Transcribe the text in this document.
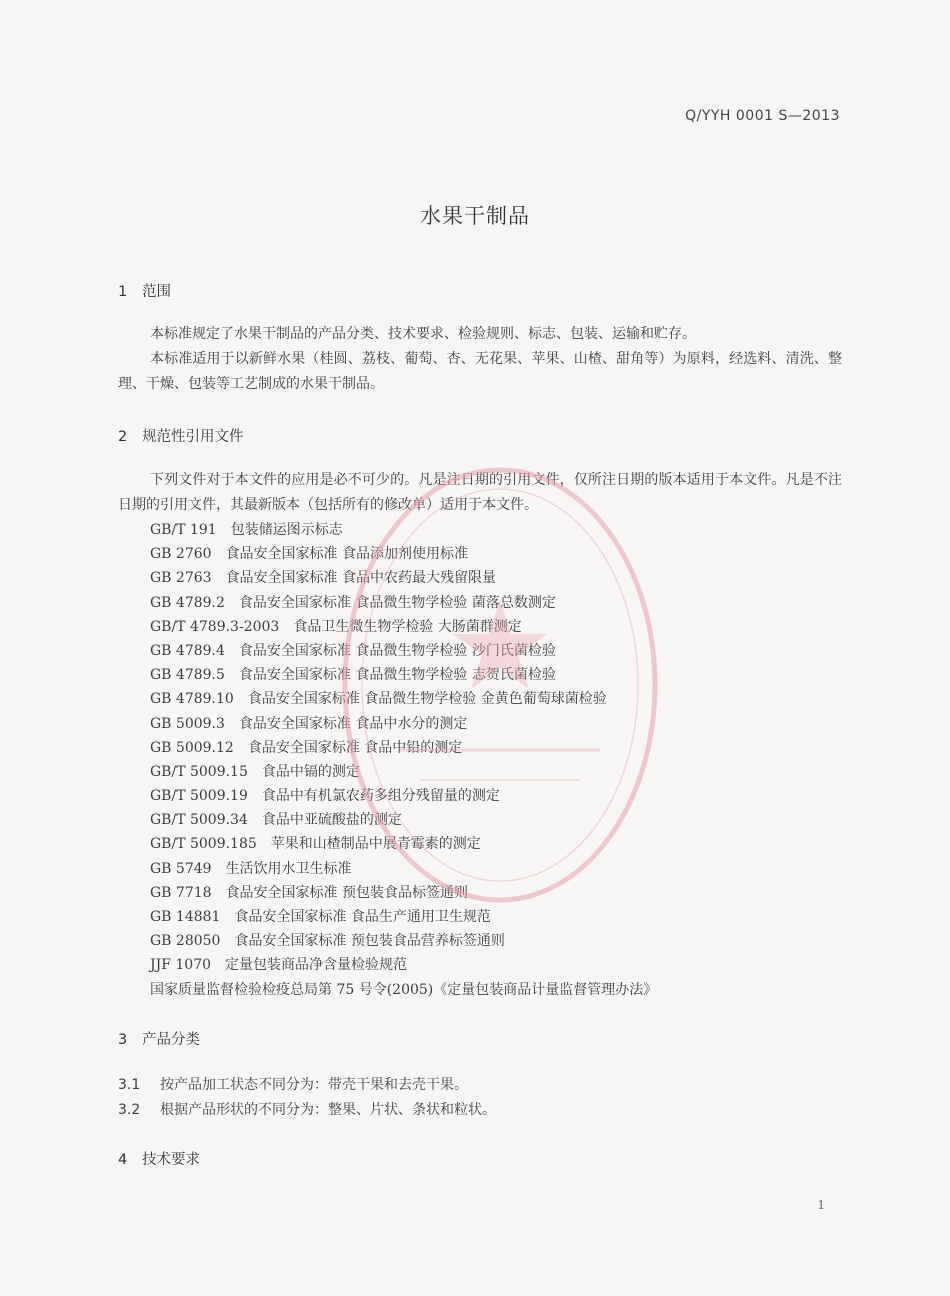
Q/YYH 0001 S—2013
水果干制品
1 范围

本标准规定了水果干制品的产品分类、技术要求、检验规则、标志、包装、运输和贮存。

本标准适用于以新鲜水果（桂圆、荔枝、葡萄、杏、无花果、苹果、山楂、甜角等）为原料，经选料、清洗、整理、干燥、包装等工艺制成的水果干制品。

2 规范性引用文件

下列文件对于本文件的应用是必不可少的。凡是注日期的引用文件，仅所注日期的版本适用于本文件。凡是不注日期的引用文件，其最新版本（包括所有的修改单）适用于本文件。

GB/T 191 包装储运图示标志
GB 2760 食品安全国家标准 食品添加剂使用标准
GB 2763 食品安全国家标准 食品中农药最大残留限量
GB 4789.2 食品安全国家标准 食品微生物学检验 菌落总数测定
GB/T 4789.3-2003 食品卫生微生物学检验 大肠菌群测定
GB 4789.4 食品安全国家标准 食品微生物学检验 沙门氏菌检验
GB 4789.5 食品安全国家标准 食品微生物学检验 志贺氏菌检验
GB 4789.10 食品安全国家标准 食品微生物学检验 金黄色葡萄球菌检验
GB 5009.3 食品安全国家标准 食品中水分的测定
GB 5009.12 食品安全国家标准 食品中铅的测定
GB/T 5009.15 食品中镉的测定
GB/T 5009.19 食品中有机氯农药多组分残留量的测定
GB/T 5009.34 食品中亚硫酸盐的测定
GB/T 5009.185 苹果和山楂制品中展青霉素的测定
GB 5749 生活饮用水卫生标准
GB 7718 食品安全国家标准 预包装食品标签通则
GB 14881 食品安全国家标准 食品生产通用卫生规范
GB 28050 食品安全国家标准 预包装食品营养标签通则
JJF 1070 定量包装商品净含量检验规范
国家质量监督检验检疫总局第 75 号令(2005)《定量包装商品计量监督管理办法》
3 产品分类
3.1 按产品加工状态不同分为：带壳干果和去壳干果。
3.2 根据产品形状的不同分为：整果、片状、条状和粒状。
4 技术要求
1
